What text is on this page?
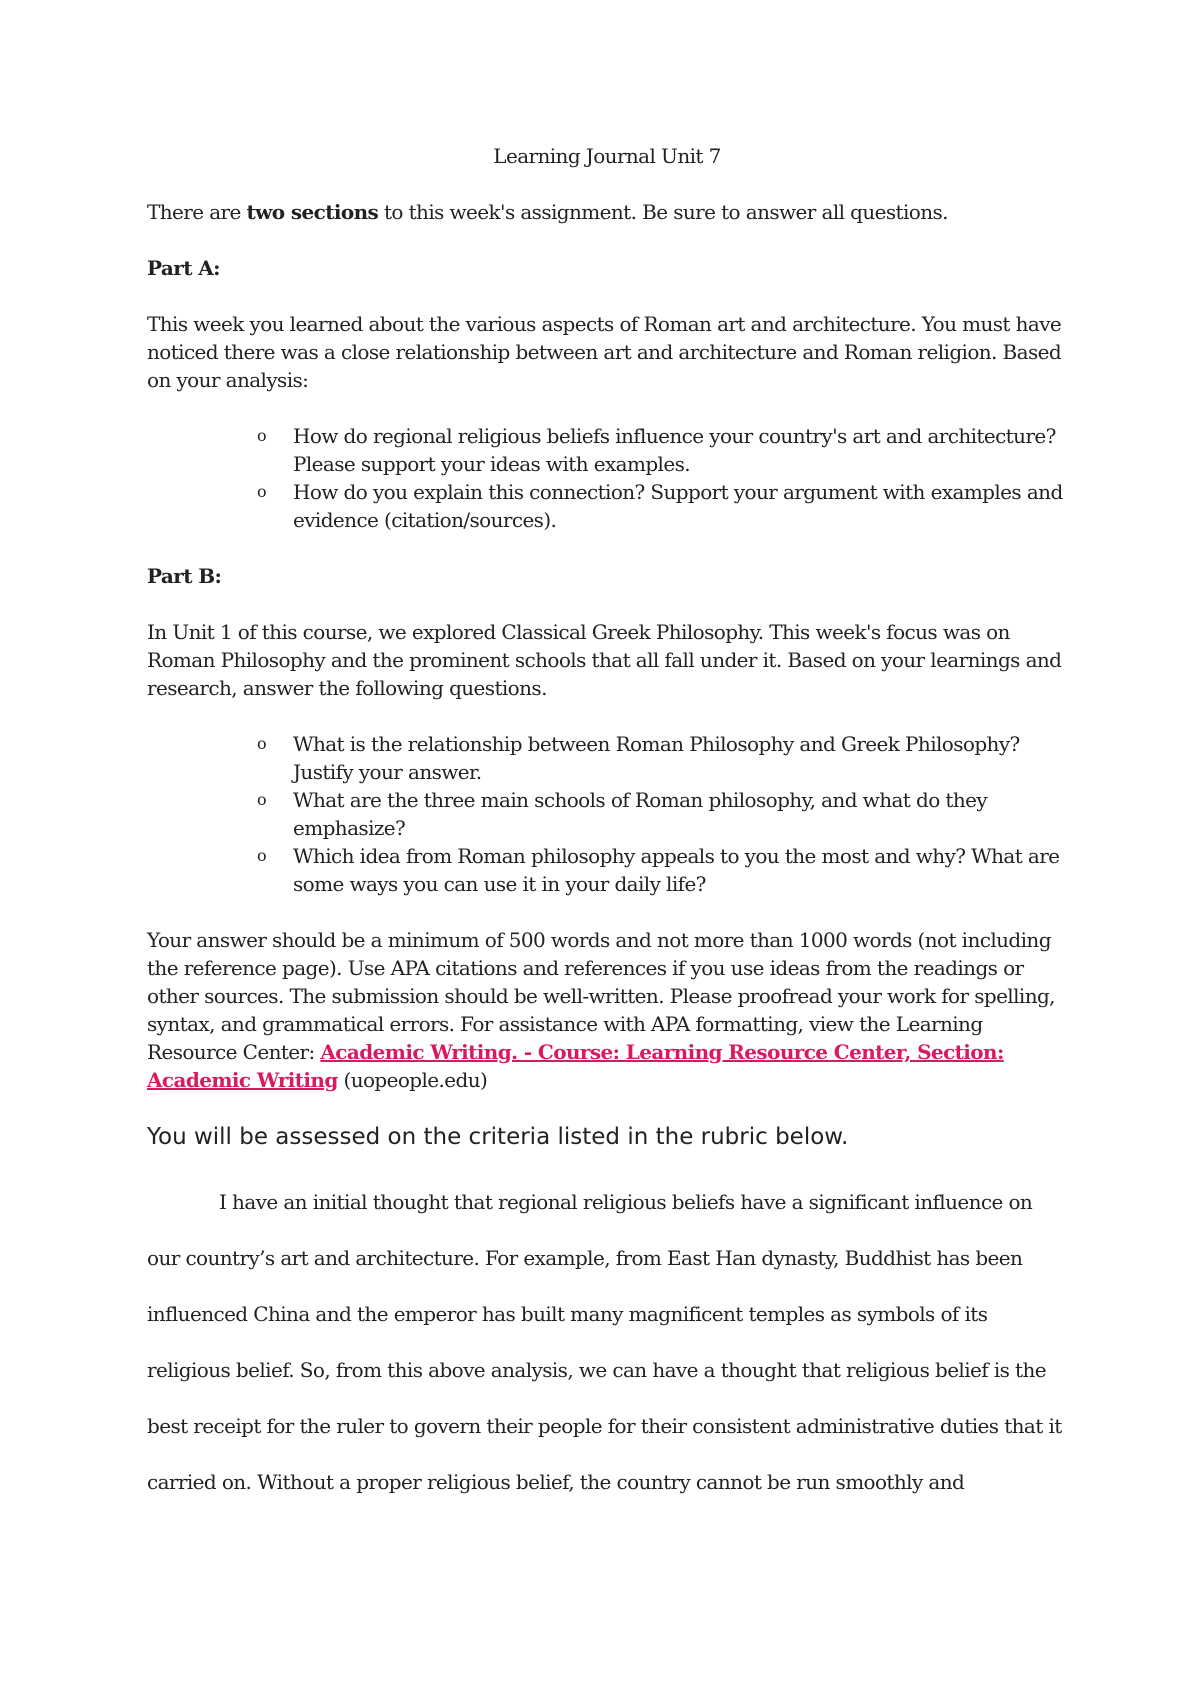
Learning Journal Unit 7
There are two sections to this week's assignment. Be sure to answer all questions.
Part A:
This week you learned about the various aspects of Roman art and architecture. You must have noticed there was a close relationship between art and architecture and Roman religion. Based on your analysis:
o How do regional religious beliefs influence your country's art and architecture? Please support your ideas with examples.
o How do you explain this connection? Support your argument with examples and evidence (citation/sources).
Part B:
In Unit 1 of this course, we explored Classical Greek Philosophy. This week's focus was on Roman Philosophy and the prominent schools that all fall under it. Based on your learnings and research, answer the following questions.
o What is the relationship between Roman Philosophy and Greek Philosophy? Justify your answer.
o What are the three main schools of Roman philosophy, and what do they emphasize?
o Which idea from Roman philosophy appeals to you the most and why? What are some ways you can use it in your daily life?
Your answer should be a minimum of 500 words and not more than 1000 words (not including the reference page). Use APA citations and references if you use ideas from the readings or other sources. The submission should be well-written. Please proofread your work for spelling, syntax, and grammatical errors. For assistance with APA formatting, view the Learning Resource Center: Academic Writing. - Course: Learning Resource Center, Section: Academic Writing (uopeople.edu)
You will be assessed on the criteria listed in the rubric below.

I have an initial thought that regional religious beliefs have a significant influence on our country’s art and architecture. For example, from East Han dynasty, Buddhist has been influenced China and the emperor has built many magnificent temples as symbols of its religious belief. So, from this above analysis, we can have a thought that religious belief is the best receipt for the ruler to govern their people for their consistent administrative duties that it carried on. Without a proper religious belief, the country cannot be run smoothly and
